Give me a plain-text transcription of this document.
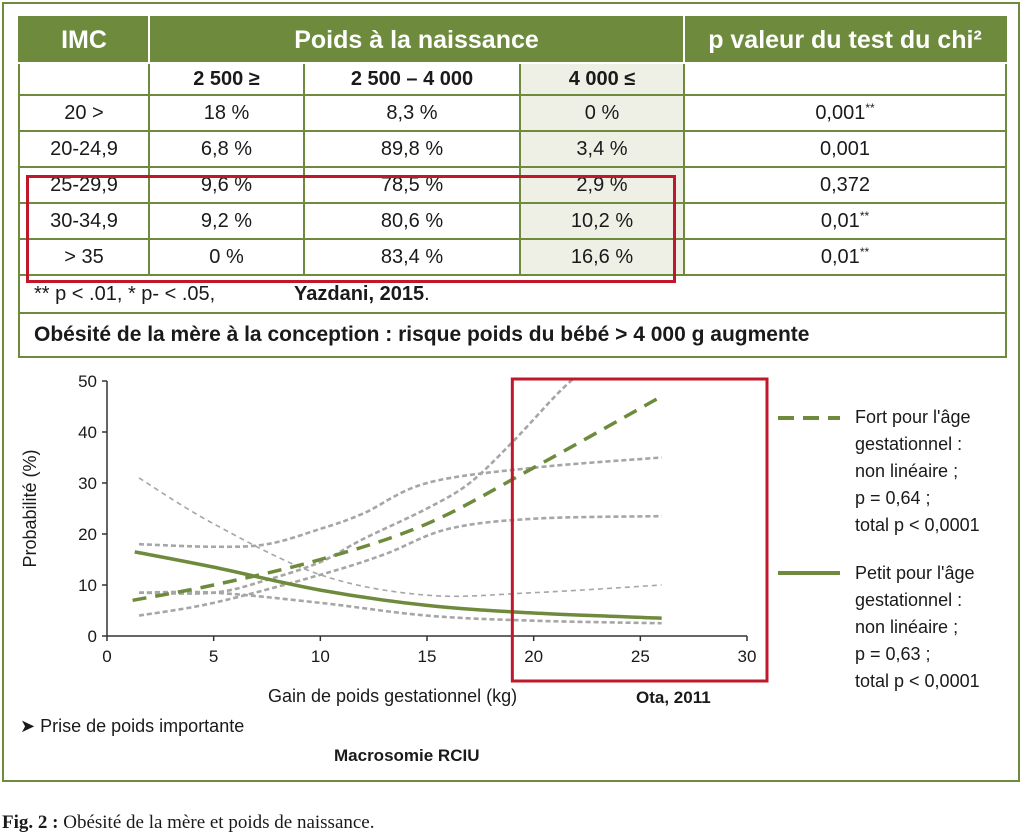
IMC	Poids à la naissance			p valeur du test du chi²
	2 500 ≥	2 500 – 4 000	4 000 ≤	
20 >	18 %	8,3 %	0 %	0,001**
20-24,9	6,8 %	89,8 %	3,4 %	0,001
25-29,9	9,6 %	78,5 %	2,9 %	0,372
30-34,9	9,2 %	80,6 %	10,2 %	0,01**
> 35	0 %	83,4 %	16,6 %	0,01**
** p < .01, * p- < .05,		Yazdani, 2015.		
Obésité de la mère à la conception : risque poids du bébé > 4 000 g augmente				
0
10
20
30
40
50
0	5	10	15	20	25	30
Probabilité (%)
Fort pour l'âge
gestationnel :
non linéaire ;
p = 0,64 ;
total p < 0,0001
Petit pour l'âge
gestationnel :
non linéaire ;
p = 0,63 ;
total p < 0,0001
Gain de poids gestationnel (kg)	Ota, 2011
➤ Prise de poids importante
Macrosomie RCIU
Fig. 2 : Obésité de la mère et poids de naissance.
